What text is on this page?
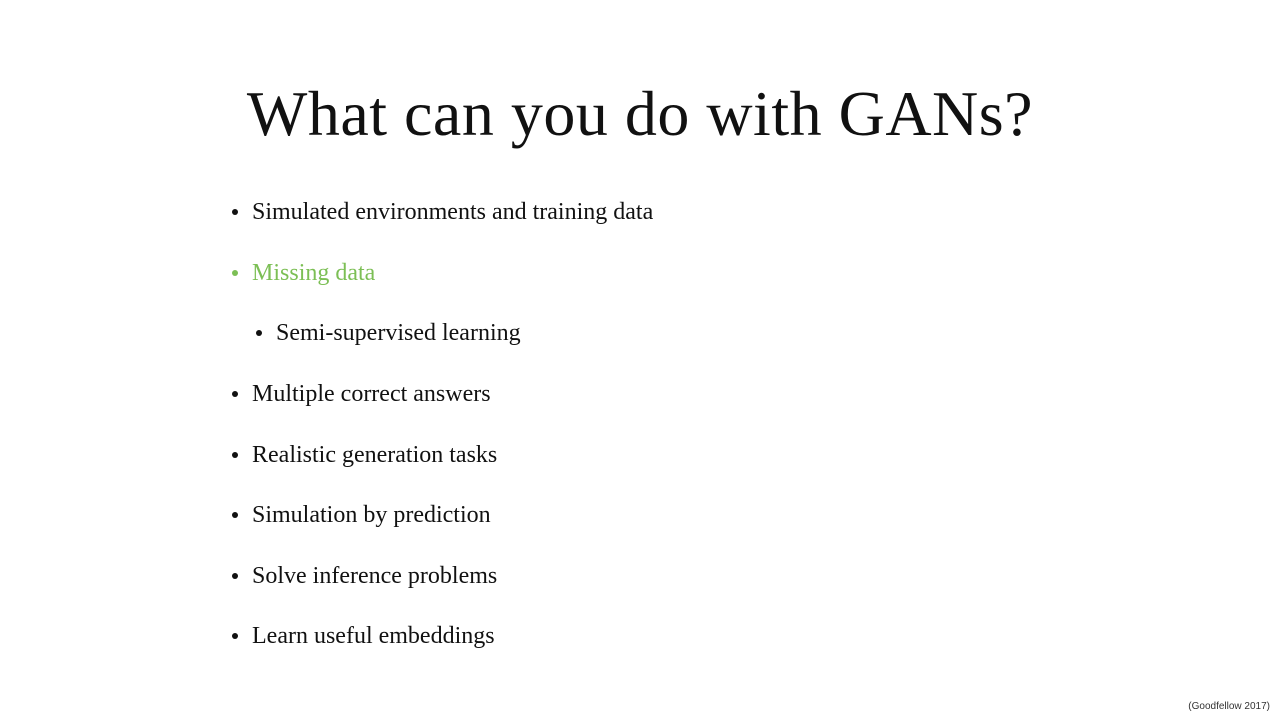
What can you do with GANs?
Simulated environments and training data
Missing data
Semi-supervised learning
Multiple correct answers
Realistic generation tasks
Simulation by prediction
Solve inference problems
Learn useful embeddings
(Goodfellow 2017)
